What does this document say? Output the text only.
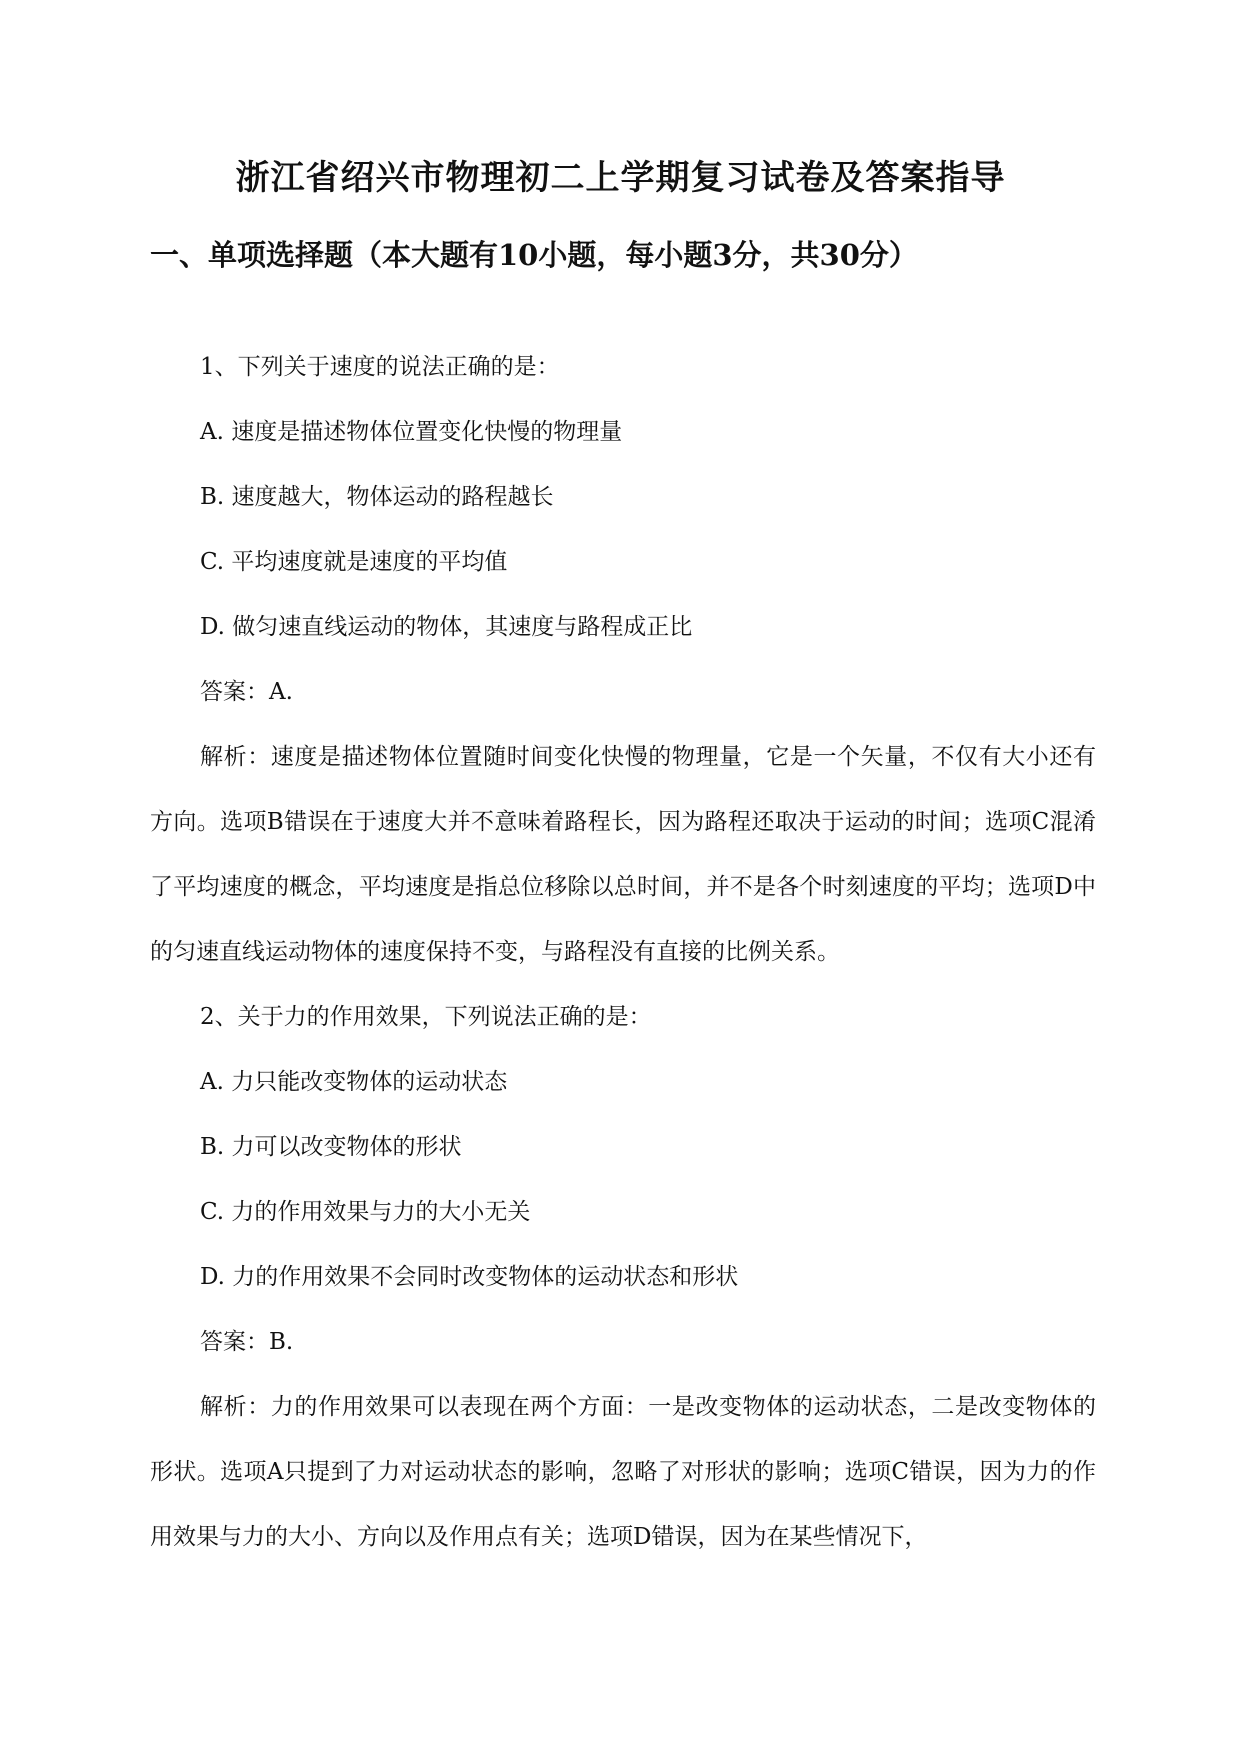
浙江省绍兴市物理初二上学期复习试卷及答案指导
一、单项选择题（本大题有10小题，每小题3分，共30分）

1、下列关于速度的说法正确的是：

A. 速度是描述物体位置变化快慢的物理量

B. 速度越大，物体运动的路程越长

C. 平均速度就是速度的平均值

D. 做匀速直线运动的物体，其速度与路程成正比

答案：A.

解析：速度是描述物体位置随时间变化快慢的物理量，它是一个矢量，不仅有大小还有方向。选项B错误在于速度大并不意味着路程长，因为路程还取决于运动的时间；选项C混淆了平均速度的概念，平均速度是指总位移除以总时间，并不是各个时刻速度的平均；选项D中的匀速直线运动物体的速度保持不变，与路程没有直接的比例关系。

2、关于力的作用效果，下列说法正确的是：

A. 力只能改变物体的运动状态

B. 力可以改变物体的形状

C. 力的作用效果与力的大小无关

D. 力的作用效果不会同时改变物体的运动状态和形状

答案：B.

解析：力的作用效果可以表现在两个方面：一是改变物体的运动状态，二是改变物体的形状。选项A只提到了力对运动状态的影响，忽略了对形状的影响；选项C错误，因为力的作用效果与力的大小、方向以及作用点有关；选项D错误，因为在某些情况下，
